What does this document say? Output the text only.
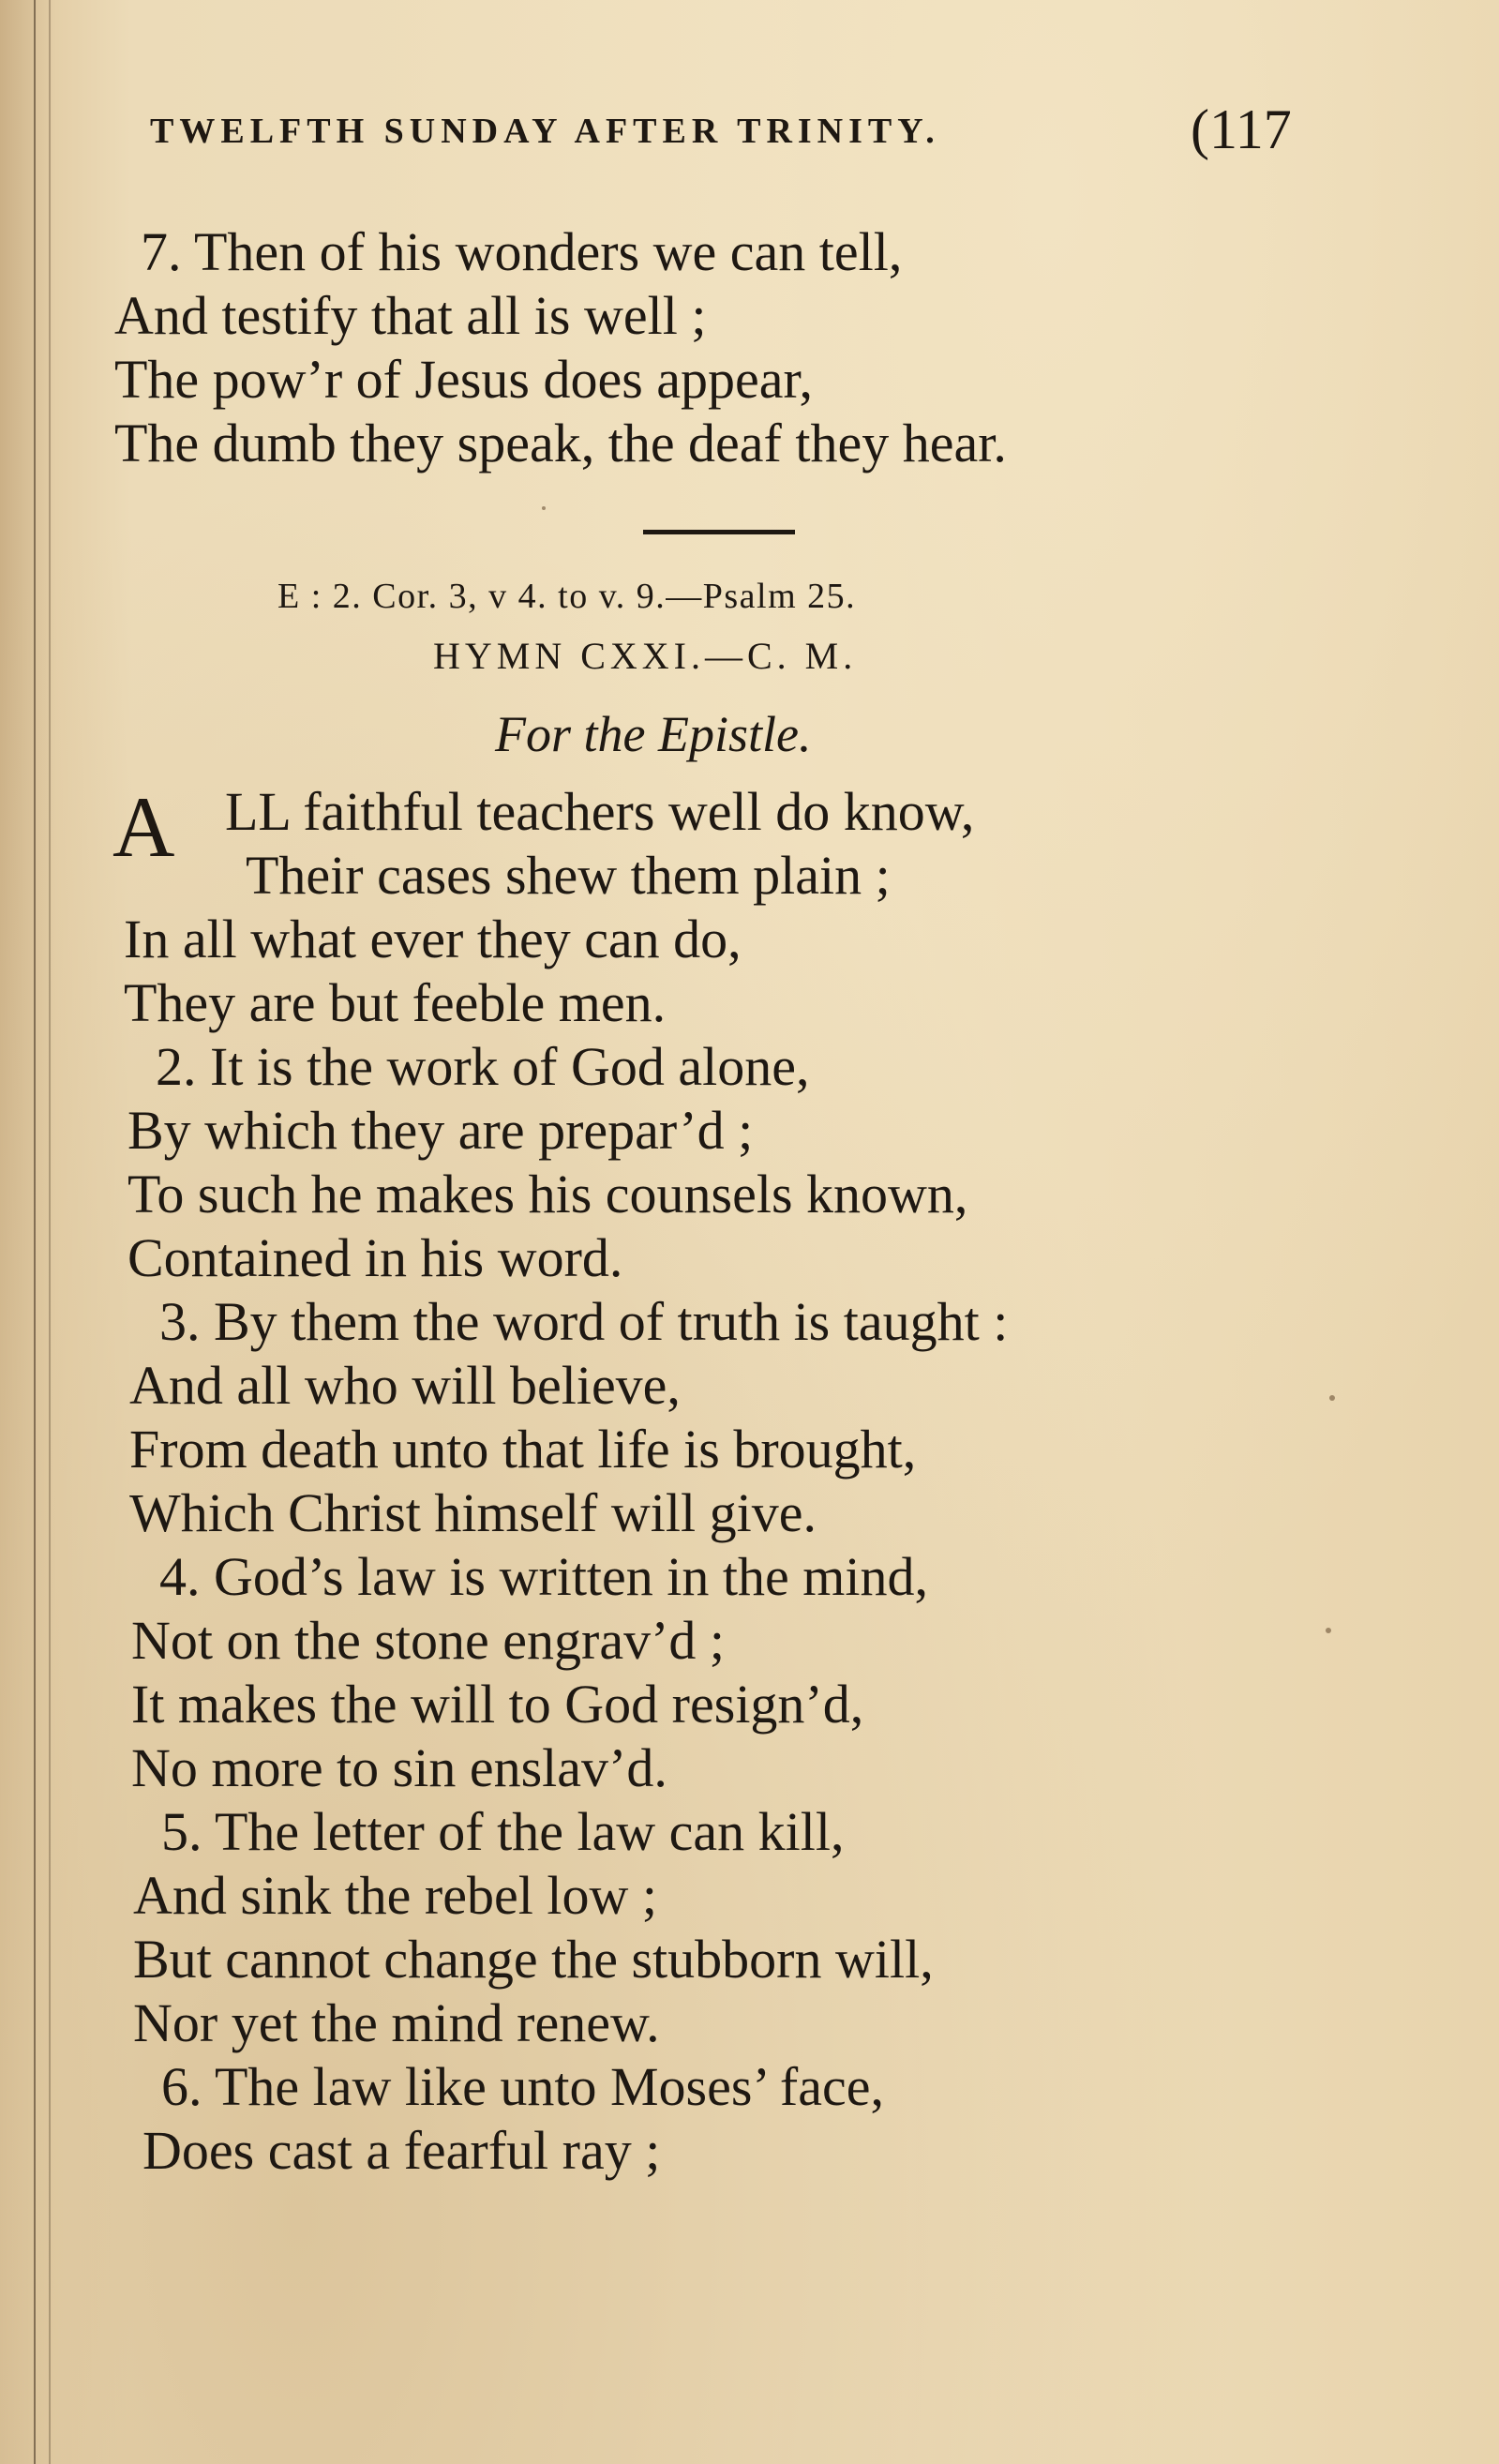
TWELFTH SUNDAY AFTER TRINITY.	(117
7. Then of his wonders we can tell,
And testify that all is well ;
The pow’r of Jesus does appear,
The dumb they speak, the deaf they hear.
E : 2. Cor. 3, v 4. to v. 9.—Psalm 25.
HYMN CXXI.—C. M.
For the Epistle.
A LL faithful teachers well do know,
Their cases shew them plain ;
In all what ever they can do,
They are but feeble men.
2. It is the work of God alone,
By which they are prepar’d ;
To such he makes his counsels known,
Contained in his word.
3. By them the word of truth is taught :
And all who will believe,
From death unto that life is brought,
Which Christ himself will give.
4. God’s law is written in the mind,
Not on the stone engrav’d ;
It makes the will to God resign’d,
No more to sin enslav’d.
5. The letter of the law can kill,
And sink the rebel low ;
But cannot change the stubborn will,
Nor yet the mind renew.
6. The law like unto Moses’ face,
Does cast a fearful ray ;
